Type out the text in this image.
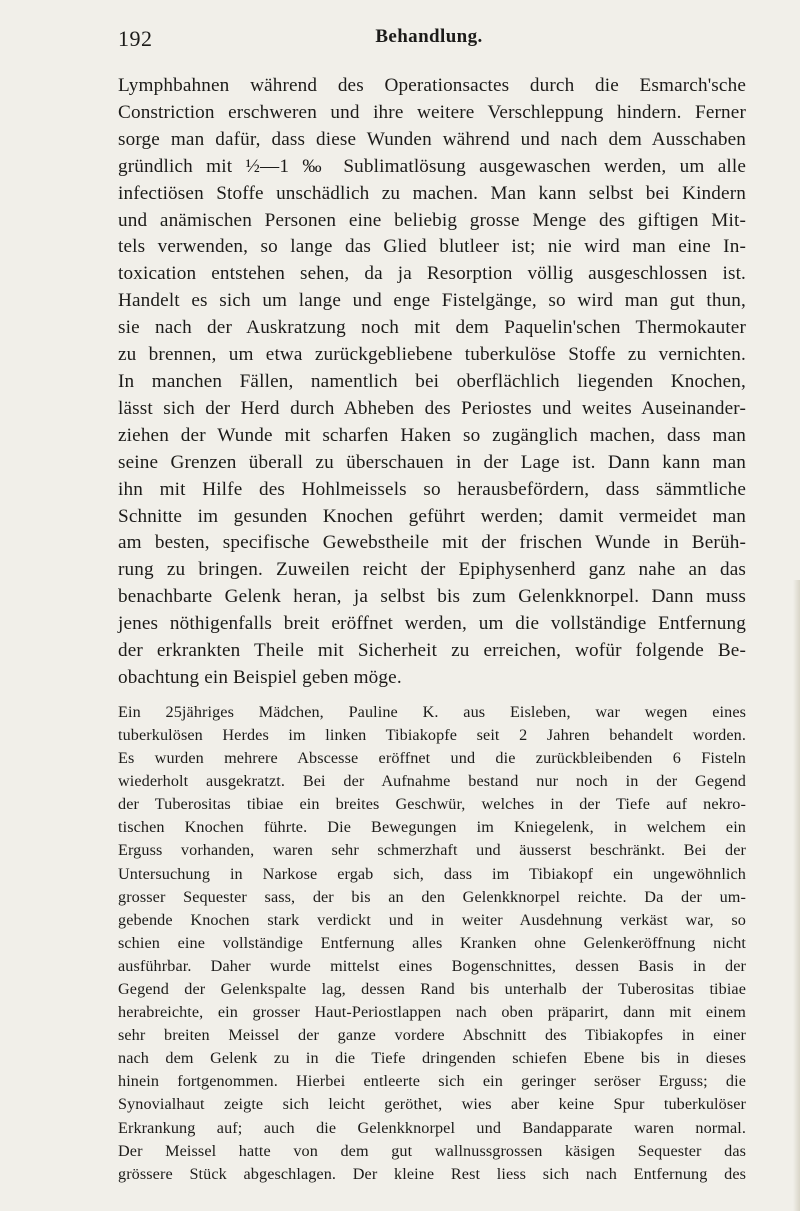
Behandlung.
192

Lymphbahnen während des Operationsactes durch die Esmarch'sche

Constriction erschweren und ihre weitere Verschleppung hindern. Ferner

sorge man dafür, dass diese Wunden während und nach dem Ausschaben

gründlich mit ½—1 ‰ Sublimatlösung ausgewaschen werden, um alle

infectiösen Stoffe unschädlich zu machen. Man kann selbst bei Kindern

und anämischen Personen eine beliebig grosse Menge des giftigen Mit-

tels verwenden, so lange das Glied blutleer ist; nie wird man eine In-

toxication entstehen sehen, da ja Resorption völlig ausgeschlossen ist.

Handelt es sich um lange und enge Fistelgänge, so wird man gut thun,

sie nach der Auskratzung noch mit dem Paquelin'schen Thermokauter

zu brennen, um etwa zurückgebliebene tuberkulöse Stoffe zu vernichten.

In manchen Fällen, namentlich bei oberflächlich liegenden Knochen,

lässt sich der Herd durch Abheben des Periostes und weites Auseinander-

ziehen der Wunde mit scharfen Haken so zugänglich machen, dass man

seine Grenzen überall zu überschauen in der Lage ist. Dann kann man

ihn mit Hilfe des Hohlmeissels so herausbefördern, dass sämmtliche

Schnitte im gesunden Knochen geführt werden; damit vermeidet man

am besten, specifische Gewebstheile mit der frischen Wunde in Berüh-

rung zu bringen. Zuweilen reicht der Epiphysenherd ganz nahe an das

benachbarte Gelenk heran, ja selbst bis zum Gelenkknorpel. Dann muss

jenes nöthigenfalls breit eröffnet werden, um die vollständige Entfernung

der erkrankten Theile mit Sicherheit zu erreichen, wofür folgende Be-

obachtung ein Beispiel geben möge.

Ein 25jähriges Mädchen, Pauline K. aus Eisleben, war wegen eines

tuberkulösen Herdes im linken Tibiakopfe seit 2 Jahren behandelt worden.

Es wurden mehrere Abscesse eröffnet und die zurückbleibenden 6 Fisteln

wiederholt ausgekratzt. Bei der Aufnahme bestand nur noch in der Gegend

der Tuberositas tibiae ein breites Geschwür, welches in der Tiefe auf nekro-

tischen Knochen führte. Die Bewegungen im Kniegelenk, in welchem ein

Erguss vorhanden, waren sehr schmerzhaft und äusserst beschränkt. Bei der

Untersuchung in Narkose ergab sich, dass im Tibiakopf ein ungewöhnlich

grosser Sequester sass, der bis an den Gelenkknorpel reichte. Da der um-

gebende Knochen stark verdickt und in weiter Ausdehnung verkäst war, so

schien eine vollständige Entfernung alles Kranken ohne Gelenkeröffnung nicht

ausführbar. Daher wurde mittelst eines Bogenschnittes, dessen Basis in der

Gegend der Gelenkspalte lag, dessen Rand bis unterhalb der Tuberositas tibiae

herabreichte, ein grosser Haut-Periostlappen nach oben präparirt, dann mit einem

sehr breiten Meissel der ganze vordere Abschnitt des Tibiakopfes in einer

nach dem Gelenk zu in die Tiefe dringenden schiefen Ebene bis in dieses

hinein fortgenommen. Hierbei entleerte sich ein geringer seröser Erguss; die

Synovialhaut zeigte sich leicht geröthet, wies aber keine Spur tuberkulöser

Erkrankung auf; auch die Gelenkknorpel und Bandapparate waren normal.

Der Meissel hatte von dem gut wallnussgrossen käsigen Sequester das

grössere Stück abgeschlagen. Der kleine Rest liess sich nach Entfernung des
